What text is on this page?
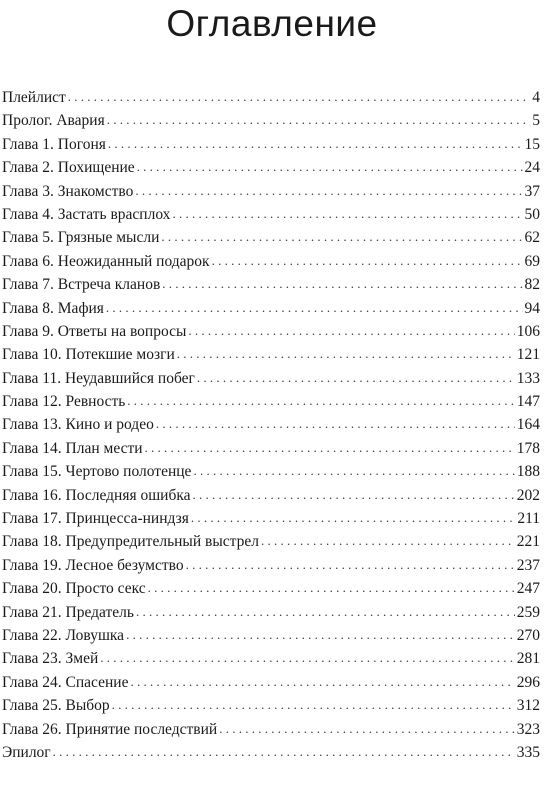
Оглавление
Плейлист . . .	4
Пролог. Авария . . .	5
Глава 1. Погоня . . .	15
Глава 2. Похищение . . .	24
Глава 3. Знакомство . . .	37
Глава 4. Застать врасплох . . .	50
Глава 5. Грязные мысли . . .	62
Глава 6. Неожиданный подарок . . .	69
Глава 7. Встреча кланов . . .	82
Глава 8. Мафия . . .	94
Глава 9. Ответы на вопросы . . .	106
Глава 10. Потекшие мозги . . .	121
Глава 11. Неудавшийся побег . . .	133
Глава 12. Ревность . . .	147
Глава 13. Кино и родео . . .	164
Глава 14. План мести . . .	178
Глава 15. Чертово полотенце . . .	188
Глава 16. Последняя ошибка . . .	202
Глава 17. Принцесса-ниндзя . . .	211
Глава 18. Предупредительный выстрел . . .	221
Глава 19. Лесное безумство . . .	237
Глава 20. Просто секс . . .	247
Глава 21. Предатель . . .	259
Глава 22. Ловушка . . .	270
Глава 23. Змей . . .	281
Глава 24. Спасение . . .	296
Глава 25. Выбор . . .	312
Глава 26. Принятие последствий . . .	323
Эпилог . . .	335
